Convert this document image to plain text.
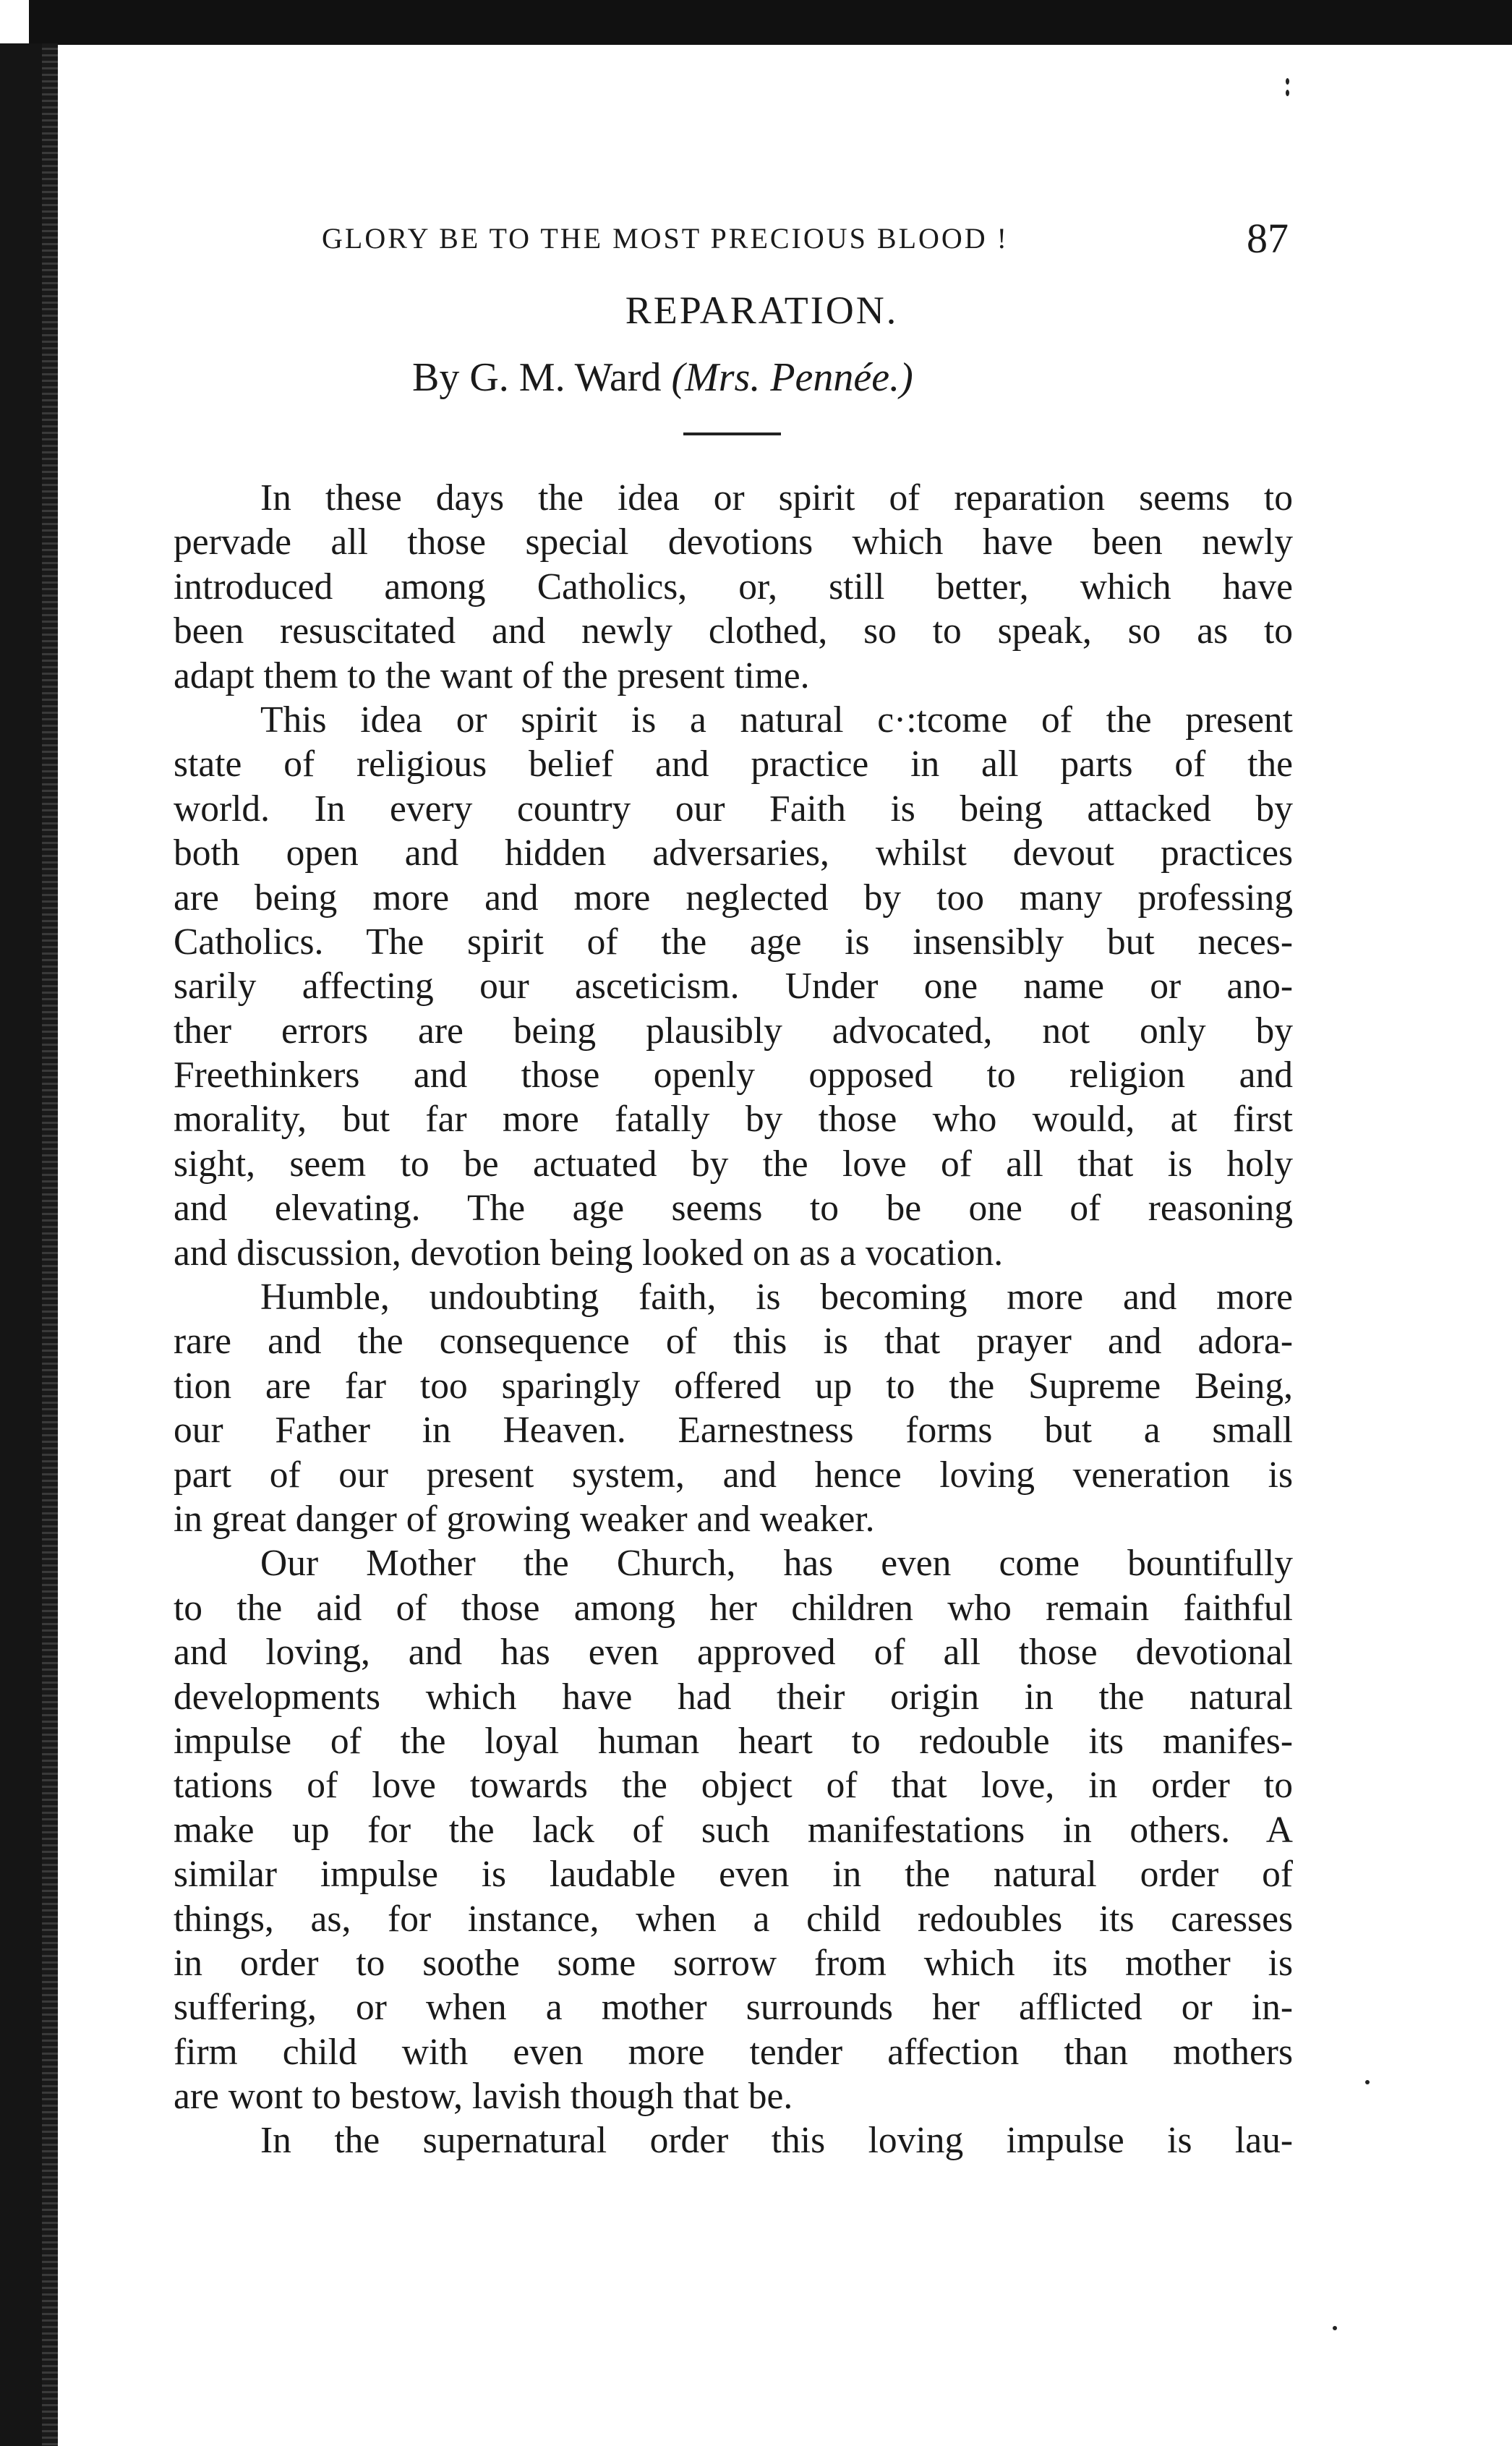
GLORY BE TO THE MOST PRECIOUS BLOOD !	87
REPARATION.
By G. M. Ward (Mrs. Pennée.)
In these days the idea or spirit of reparation seems to
pervade all those special devotions which have been newly
introduced among Catholics, or, still better, which have
been resuscitated and newly clothed, so to speak, so as to
adapt them to the want of the present time.
This idea or spirit is a natural c·:tcome of the present
state of religious belief and practice in all parts of the
world. In every country our Faith is being attacked by
both open and hidden adversaries, whilst devout practices
are being more and more neglected by too many professing
Catholics. The spirit of the age is insensibly but neces-
sarily affecting our asceticism. Under one name or ano-
ther errors are being plausibly advocated, not only by
Freethinkers and those openly opposed to religion and
morality, but far more fatally by those who would, at first
sight, seem to be actuated by the love of all that is holy
and elevating. The age seems to be one of reasoning
and discussion, devotion being looked on as a vocation.
Humble, undoubting faith, is becoming more and more
rare and the consequence of this is that prayer and adora-
tion are far too sparingly offered up to the Supreme Being,
our Father in Heaven. Earnestness forms but a small
part of our present system, and hence loving veneration is
in great danger of growing weaker and weaker.
Our Mother the Church, has even come bountifully
to the aid of those among her children who remain faithful
and loving, and has even approved of all those devotional
developments which have had their origin in the natural
impulse of the loyal human heart to redouble its manifes-
tations of love towards the object of that love, in order to
make up for the lack of such manifestations in others. A
similar impulse is laudable even in the natural order of
things, as, for instance, when a child redoubles its caresses
in order to soothe some sorrow from which its mother is
suffering, or when a mother surrounds her afflicted or in-
firm child with even more tender affection than mothers
are wont to bestow, lavish though that be.
In the supernatural order this loving impulse is lau-
